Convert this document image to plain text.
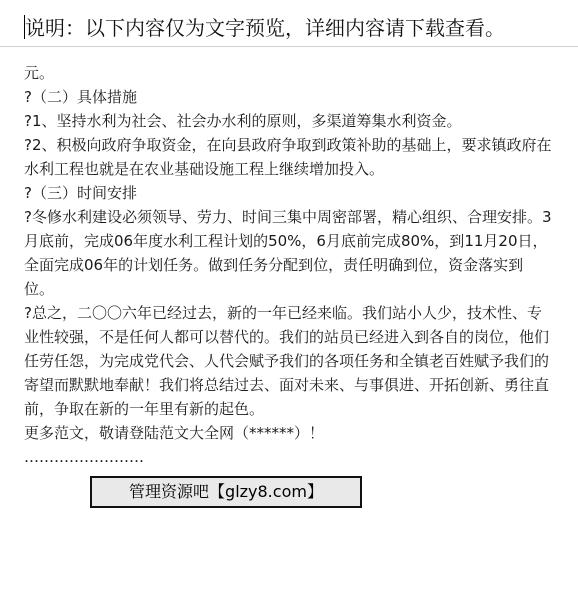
说明：以下内容仅为文字预览，详细内容请下载查看。

元。

?（二）具体措施

?1、坚持水利为社会、社会办水利的原则，多渠道筹集水利资金。

?2、积极向政府争取资金，在向县政府争取到政策补助的基础上，要求镇政府在水利工程也就是在农业基础设施工程上继续增加投入。

?（三）时间安排

?冬修水利建设必须领导、劳力、时间三集中周密部署，精心组织、合理安排。3月底前，完成06年度水利工程计划的50%，6月底前完成80%，到11月20日，全面完成06年的计划任务。做到任务分配到位，责任明确到位，资金落实到位。

?总之，二〇〇六年已经过去，新的一年已经来临。我们站小人少，技术性、专业性较强，不是任何人都可以替代的。我们的站员已经进入到各自的岗位，他们任劳任怨，为完成党代会、人代会赋予我们的各项任务和全镇老百姓赋予我们的寄望而默默地奉献！我们将总结过去、面对未来、与事俱进、开拓创新、勇往直前，争取在新的一年里有新的起色。

更多范文，敬请登陆范文大全网（******）！

……………………

管理资源吧【glzy8.com】
